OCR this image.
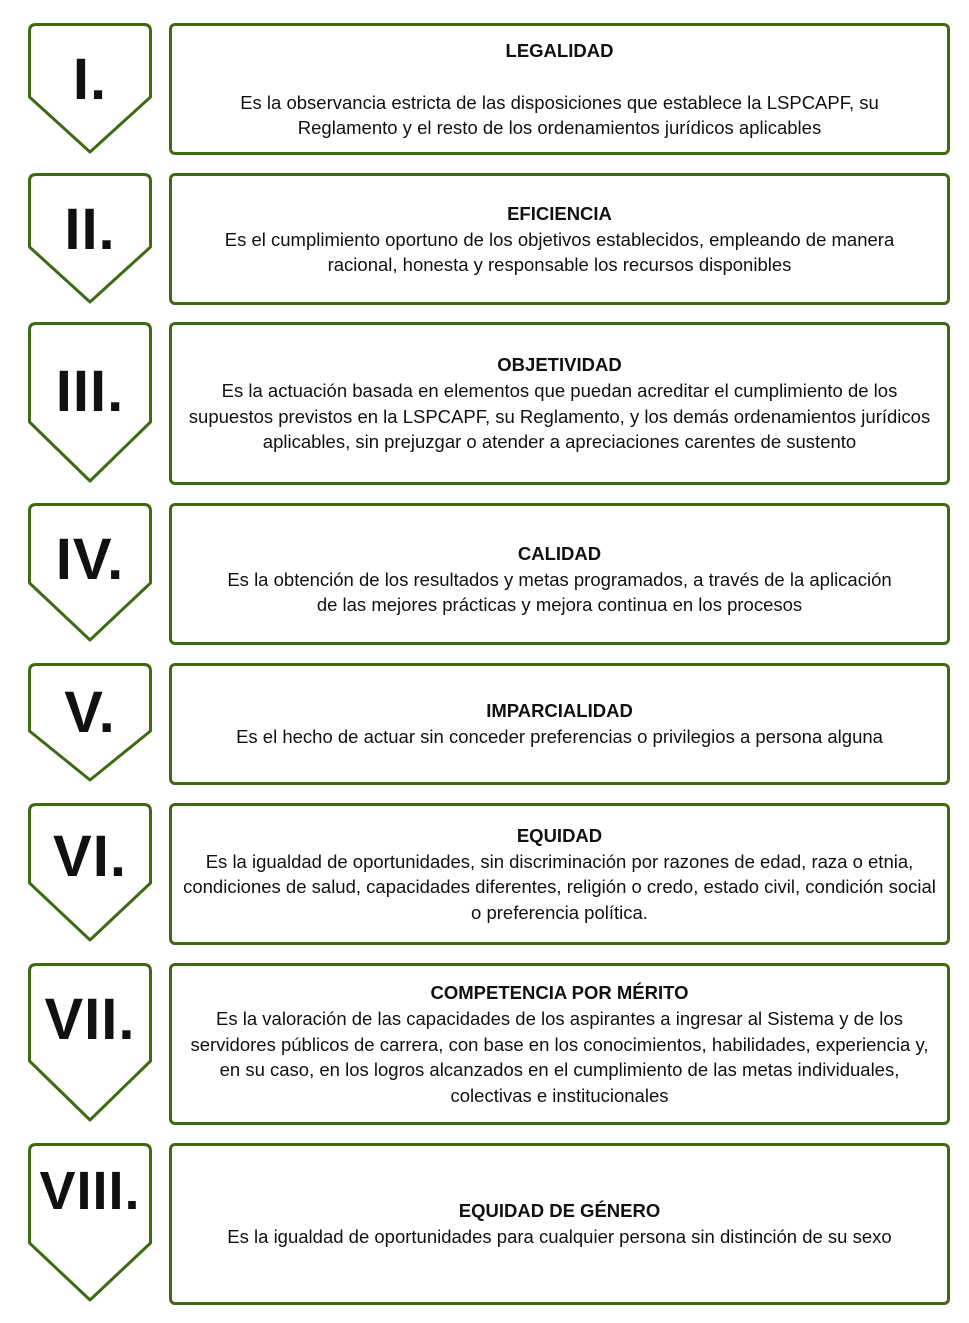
I.	LEGALIDAD
Es la observancia estricta de las disposiciones que establece la LSPCAPF, su Reglamento y el resto de los ordenamientos jurídicos aplicables
II.	EFICIENCIA
Es el cumplimiento oportuno de los objetivos establecidos, empleando de manera racional, honesta y responsable los recursos disponibles
III.	OBJETIVIDAD
Es la actuación basada en elementos que puedan acreditar el cumplimiento de los supuestos previstos en la LSPCAPF, su Reglamento, y los demás ordenamientos jurídicos aplicables, sin prejuzgar o atender a apreciaciones carentes de sustento
IV.	CALIDAD
Es la obtención de los resultados y metas programados, a través de la aplicación de las mejores prácticas y mejora continua en los procesos
V.	IMPARCIALIDAD
Es el hecho de actuar sin conceder preferencias o privilegios a persona alguna
VI.	EQUIDAD
Es la igualdad de oportunidades, sin discriminación por razones de edad, raza o etnia, condiciones de salud, capacidades diferentes, religión o credo, estado civil, condición social o preferencia política.
VII.	COMPETENCIA POR MÉRITO
Es la valoración de las capacidades de los aspirantes a ingresar al Sistema y de los servidores públicos de carrera, con base en los conocimientos, habilidades, experiencia y, en su caso, en los logros alcanzados en el cumplimiento de las metas individuales, colectivas e institucionales
VIII.	EQUIDAD DE GÉNERO
Es la igualdad de oportunidades para cualquier persona sin distinción de su sexo
